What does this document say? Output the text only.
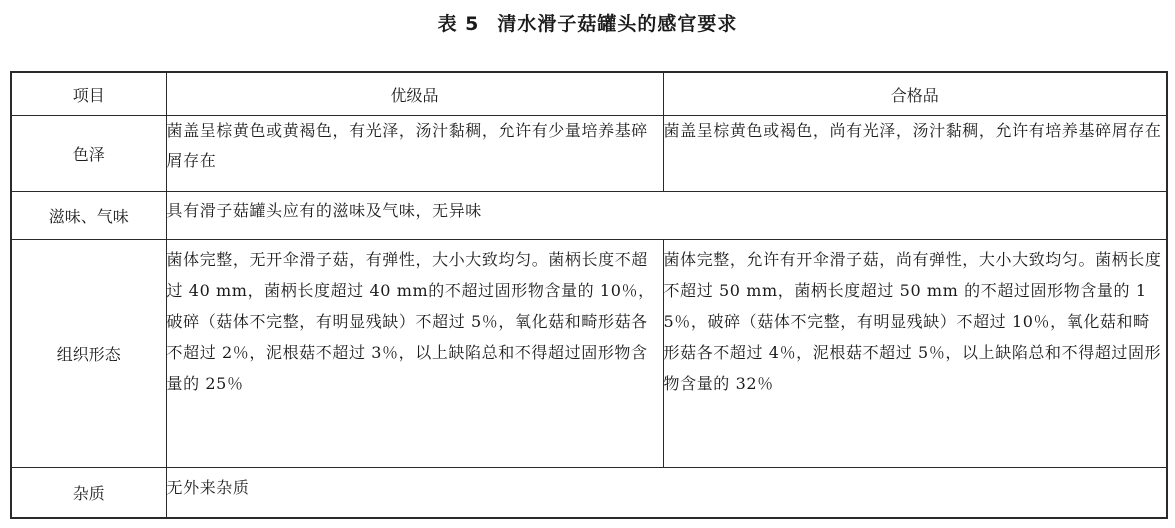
表 5 清水滑子菇罐头的感官要求
项目	优级品	合格品
色泽	菌盖呈棕黄色或黄褐色，有光泽，汤汁黏稠，允许有少量培养基碎屑存在	菌盖呈棕黄色或褐色，尚有光泽，汤汁黏稠，允许有培养基碎屑存在
滋味、气味	具有滑子菇罐头应有的滋味及气味，无异味	
组织形态	菌体完整，无开伞滑子菇，有弹性，大小大致均匀。菌柄长度不超过 40 mm，菌柄长度超过 40 mm的不超过固形物含量的 10％，破碎（菇体不完整，有明显残缺）不超过 5％，氧化菇和畸形菇各不超过 2％，泥根菇不超过 3％，以上缺陷总和不得超过固形物含量的 25％	菌体完整，允许有开伞滑子菇，尚有弹性，大小大致均匀。菌柄长度不超过 50 mm，菌柄长度超过 50 mm 的不超过固形物含量的 15％，破碎（菇体不完整，有明显残缺）不超过 10％，氧化菇和畸形菇各不超过 4％，泥根菇不超过 5％，以上缺陷总和不得超过固形物含量的 32％
杂质	无外来杂质	
